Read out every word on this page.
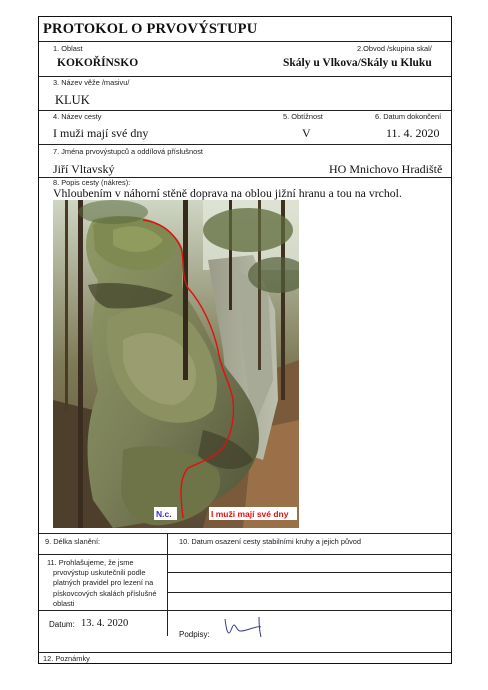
PROTOKOL O PRVOVÝSTUPU
1. Oblast	2.Obvod /skupina skal/
KOKOŘÍNSKO	Skály u Vlkova/Skály u Kluku
3. Název věže /masivu/
KLUK
4. Název cesty	5. Obtížnost	6. Datum dokončení
I muži mají své dny	V	11. 4. 2020
7. Jména prvovýstupců a oddílová příslušnost
Jiří Vltavský	HO Mnichovo Hradiště
8. Popis cesty (nákres):
Vhloubením v náhorní stěně doprava na oblou jižní hranu a tou na vrchol.
N.c.	I muži mají své dny
9. Délka slanění:	10. Datum osazení cesty stabilními kruhy a jejich původ
11. Prohlašujeme, že jsme
prvovýstup uskutečnili podle
platných pravidel pro lezení na
pískovcových skalách příslušné
oblasti
Datum: 13. 4. 2020
Podpisy:
12. Poznámky
